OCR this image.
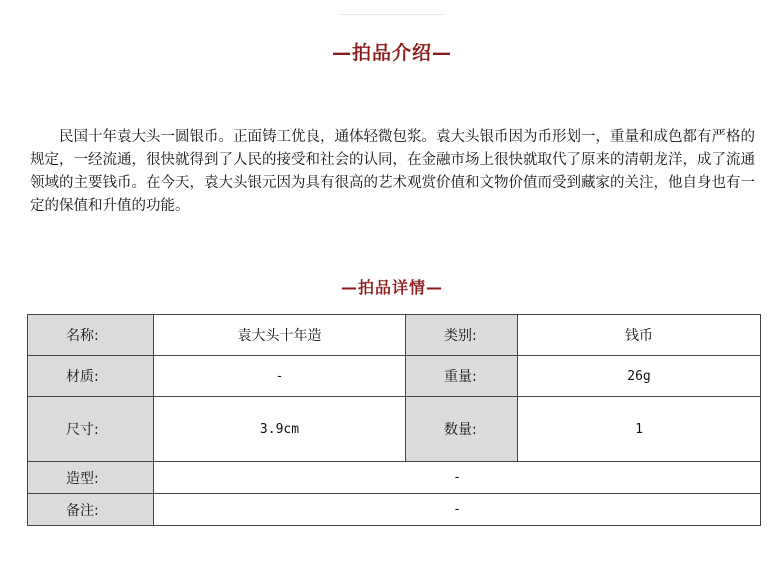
—拍品介绍—

民国十年袁大头一圆银币。正面铸工优良，通体轻微包浆。袁大头银币因为币形划一，重量和成色都有严格的规定，一经流通，很快就得到了人民的接受和社会的认同，在金融市场上很快就取代了原来的清朝龙洋，成了流通领域的主要钱币。在今天，袁大头银元因为具有很高的艺术观赏价值和文物价值而受到藏家的关注，他自身也有一定的保值和升值的功能。

—拍品详情—
名称:	袁大头十年造	类别:	钱币
材质:	-	重量:	26g
尺寸:	3.9cm	数量:	1
造型:	-		
备注:	-		
